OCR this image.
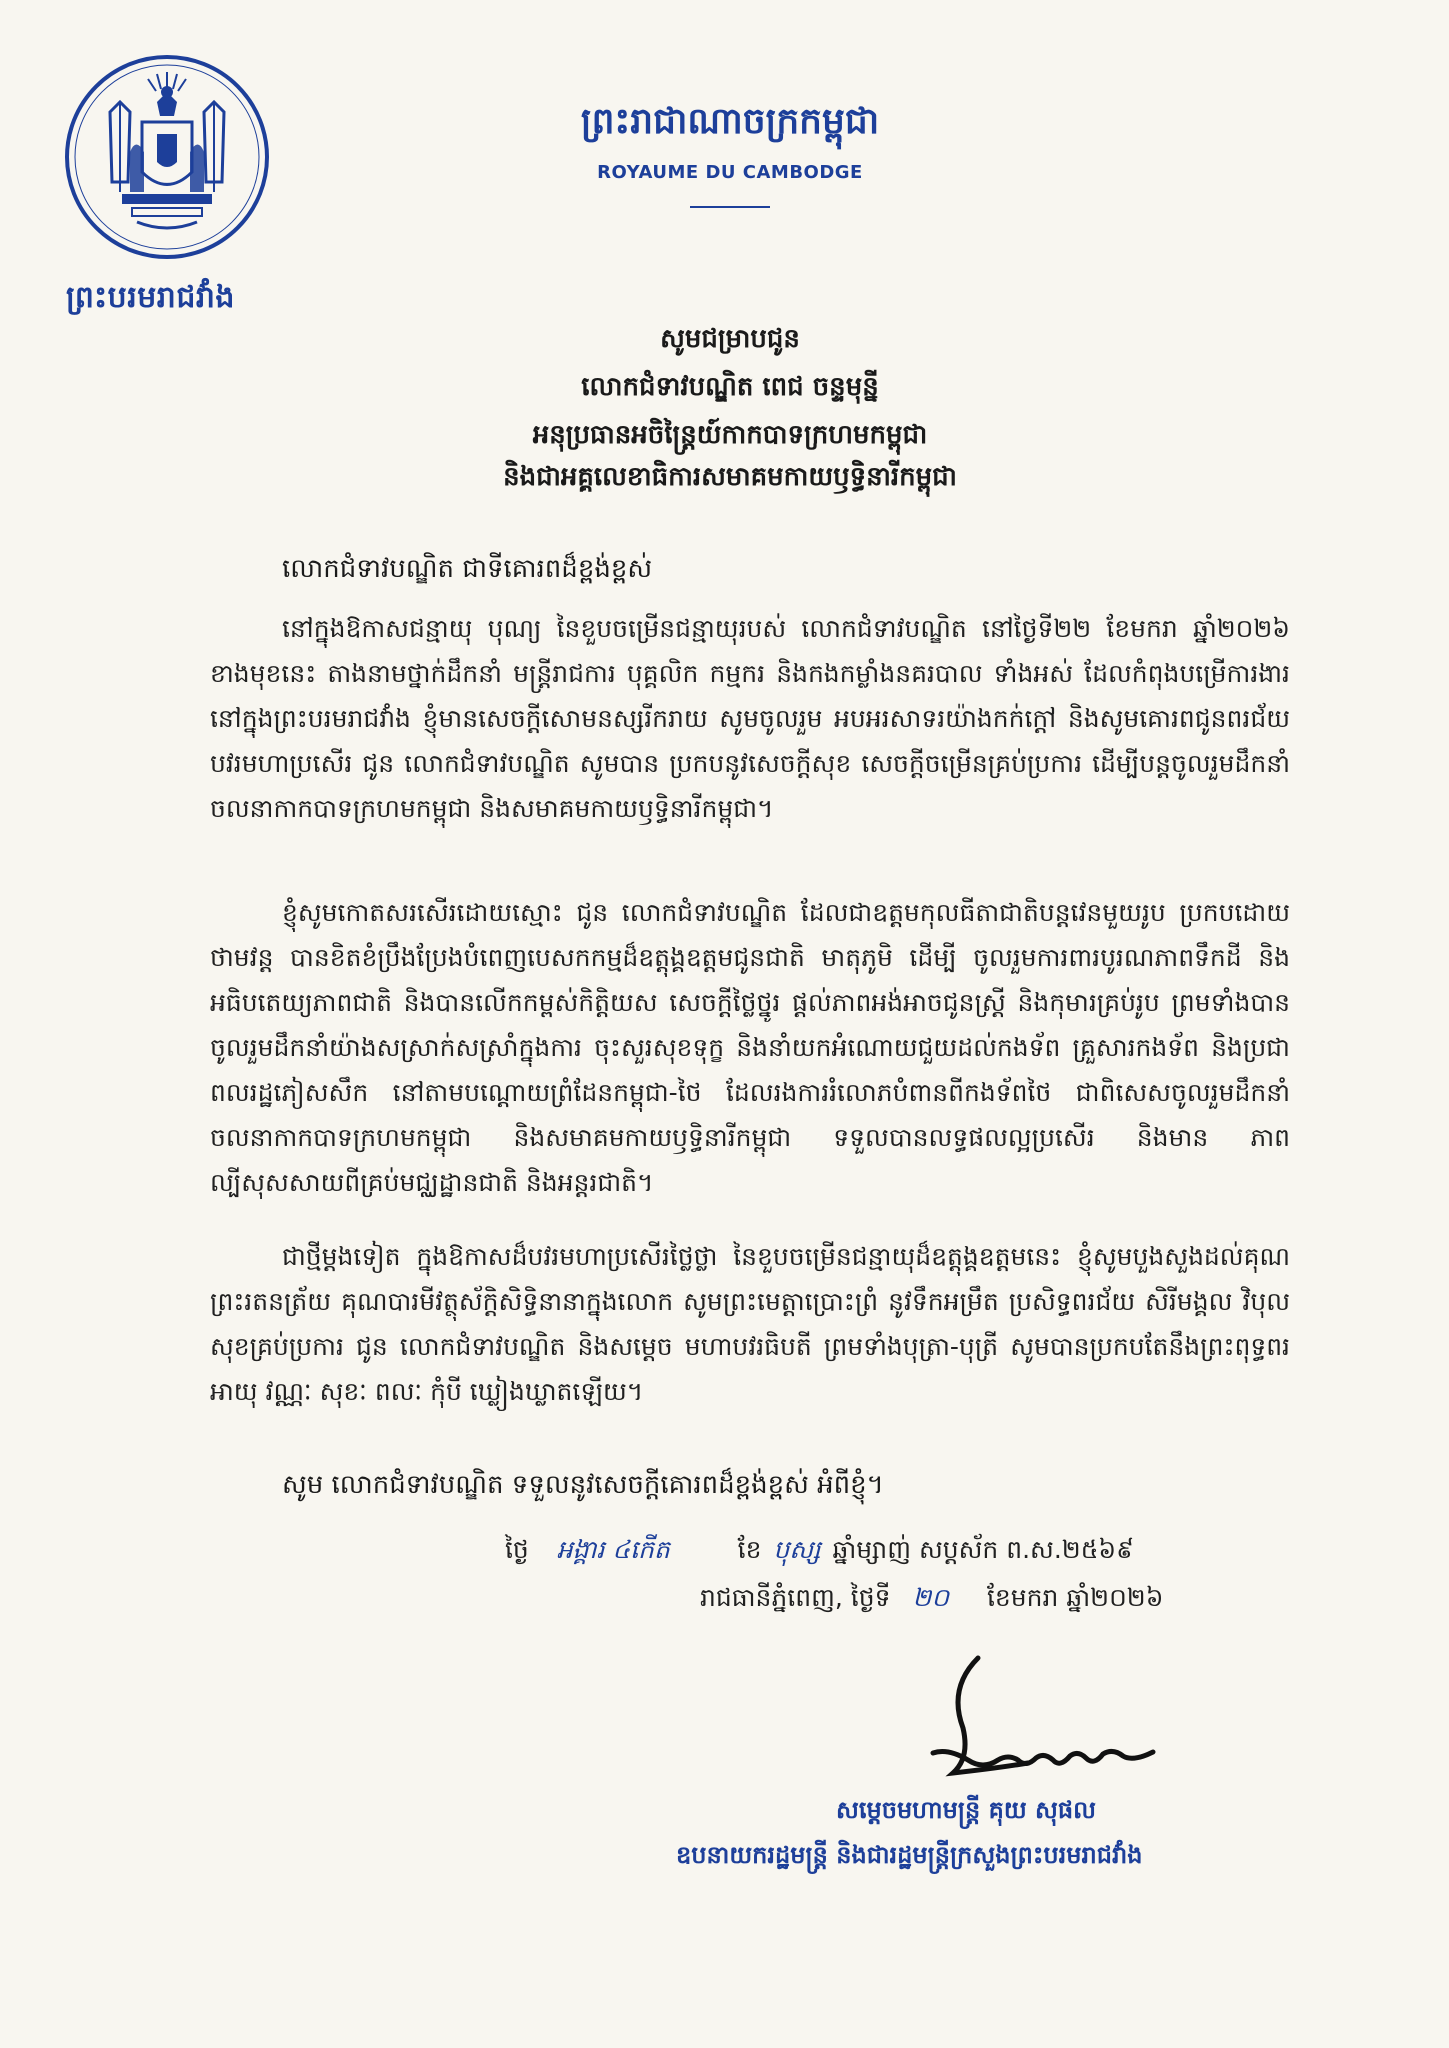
ព្រះបរមរាជវាំង
ព្រះរាជាណាចក្រកម្ពុជា
ROYAUME DU CAMBODGE
សូមជម្រាបជូន
លោកជំទាវបណ្ឌិត ពេជ ចន្ទមុន្នី
អនុប្រធានអចិន្ត្រៃយ៍កាកបាទក្រហមកម្ពុជា
និងជាអគ្គលេខាធិការសមាគមកាយឫទ្ធិនារីកម្ពុជា
លោកជំទាវបណ្ឌិត ជាទីគោរពដ៏ខ្ពង់ខ្ពស់
នៅក្នុងឱកាសជន្មាយុ បុណ្យ នៃខួបចម្រើនជន្មាយុរបស់ លោកជំទាវបណ្ឌិត នៅថ្ងៃទី២២ ខែមករា ឆ្នាំ២០២៦ ខាងមុខនេះ តាងនាមថ្នាក់ដឹកនាំ មន្ត្រីរាជការ បុគ្គលិក កម្មករ និងកងកម្លាំងនគរបាល ទាំងអស់ ដែលកំពុងបម្រើការងារនៅក្នុងព្រះបរមរាជវាំង ខ្ញុំមានសេចក្តីសោមនស្សរីករាយ សូមចូលរួម អបអរសាទរយ៉ាងកក់ក្តៅ និងសូមគោរពជូនពរជ័យ បវរមហាប្រសើរ ជូន លោកជំទាវបណ្ឌិត សូមបាន ប្រកបនូវសេចក្តីសុខ សេចក្តីចម្រើនគ្រប់ប្រការ ដើម្បីបន្តចូលរួមដឹកនាំចលនាកាកបាទក្រហមកម្ពុជា និងសមាគមកាយឫទ្ធិនារីកម្ពុជា។
ខ្ញុំសូមកោតសរសើរដោយស្មោះ ជូន លោកជំទាវបណ្ឌិត ដែលជាឧត្តមកុលធីតាជាតិបន្តវេនមួយរូប ប្រកបដោយថាមវន្ត បានខិតខំប្រឹងប្រែងបំពេញបេសកកម្មដ៏ឧត្តុង្គឧត្តមជូនជាតិ មាតុភូមិ ដើម្បី ចូលរួមការពារបូរណភាពទឹកដី និងអធិបតេយ្យភាពជាតិ និងបានលើកកម្ពស់កិត្តិយស សេចក្តីថ្លៃថ្នូរ ផ្តល់ភាពអង់អាចជូនស្ត្រី និងកុមារគ្រប់រូប ព្រមទាំងបានចូលរួមដឹកនាំយ៉ាងសស្រាក់សស្រាំក្នុងការ ចុះសួរសុខទុក្ខ និងនាំយកអំណោយជួយដល់កងទ័ព គ្រួសារកងទ័ព និងប្រជាពលរដ្ឋភៀសសឹក នៅតាមបណ្តោយព្រំដែនកម្ពុជា-ថៃ ដែលរងការរំលោភបំពានពីកងទ័ពថៃ ជាពិសេសចូលរួមដឹកនាំ ចលនាកាកបាទក្រហមកម្ពុជា និងសមាគមកាយឫទ្ធិនារីកម្ពុជា ទទួលបានលទ្ធផលល្អប្រសើរ និងមាន ភាពល្បីសុសសាយពីគ្រប់មជ្ឈដ្ឋានជាតិ និងអន្តរជាតិ។
ជាថ្មីម្តងទៀត ក្នុងឱកាសដ៏បវរមហាប្រសើរថ្លៃថ្លា នៃខួបចម្រើនជន្មាយុដ៏ឧត្តុង្គឧត្តមនេះ ខ្ញុំសូមបួងសួងដល់គុណព្រះរតនត្រ័យ គុណបារមីវត្ថុស័ក្តិសិទ្ធិនានាក្នុងលោក សូមព្រះមេត្តាប្រោះព្រំ នូវទឹកអម្រឹត ប្រសិទ្ធពរជ័យ សិរីមង្គល វិបុលសុខគ្រប់ប្រការ ជូន លោកជំទាវបណ្ឌិត និងសម្តេច មហាបវរធិបតី ព្រមទាំងបុត្រា-បុត្រី សូមបានប្រកបតែនឹងព្រះពុទ្ធពរ អាយុ វណ្ណៈ សុខៈ ពលៈ កុំបី ឃ្លៀងឃ្លាតឡើយ។
សូម លោកជំទាវបណ្ឌិត ទទួលនូវសេចក្តីគោរពដ៏ខ្ពង់ខ្ពស់ អំពីខ្ញុំ។
ថ្ងៃ អង្គារ ៤កើត	ខែ បុស្ស ឆ្នាំម្សាញ់ សប្តស័ក ព.ស.២៥៦៩
រាជធានីភ្នំពេញ, ថ្ងៃទី ២០ ខែមករា ឆ្នាំ២០២៦
សម្តេចមហាមន្ត្រី គុយ សុផល
ឧបនាយករដ្ឋមន្ត្រី និងជារដ្ឋមន្ត្រីក្រសួងព្រះបរមរាជវាំង
